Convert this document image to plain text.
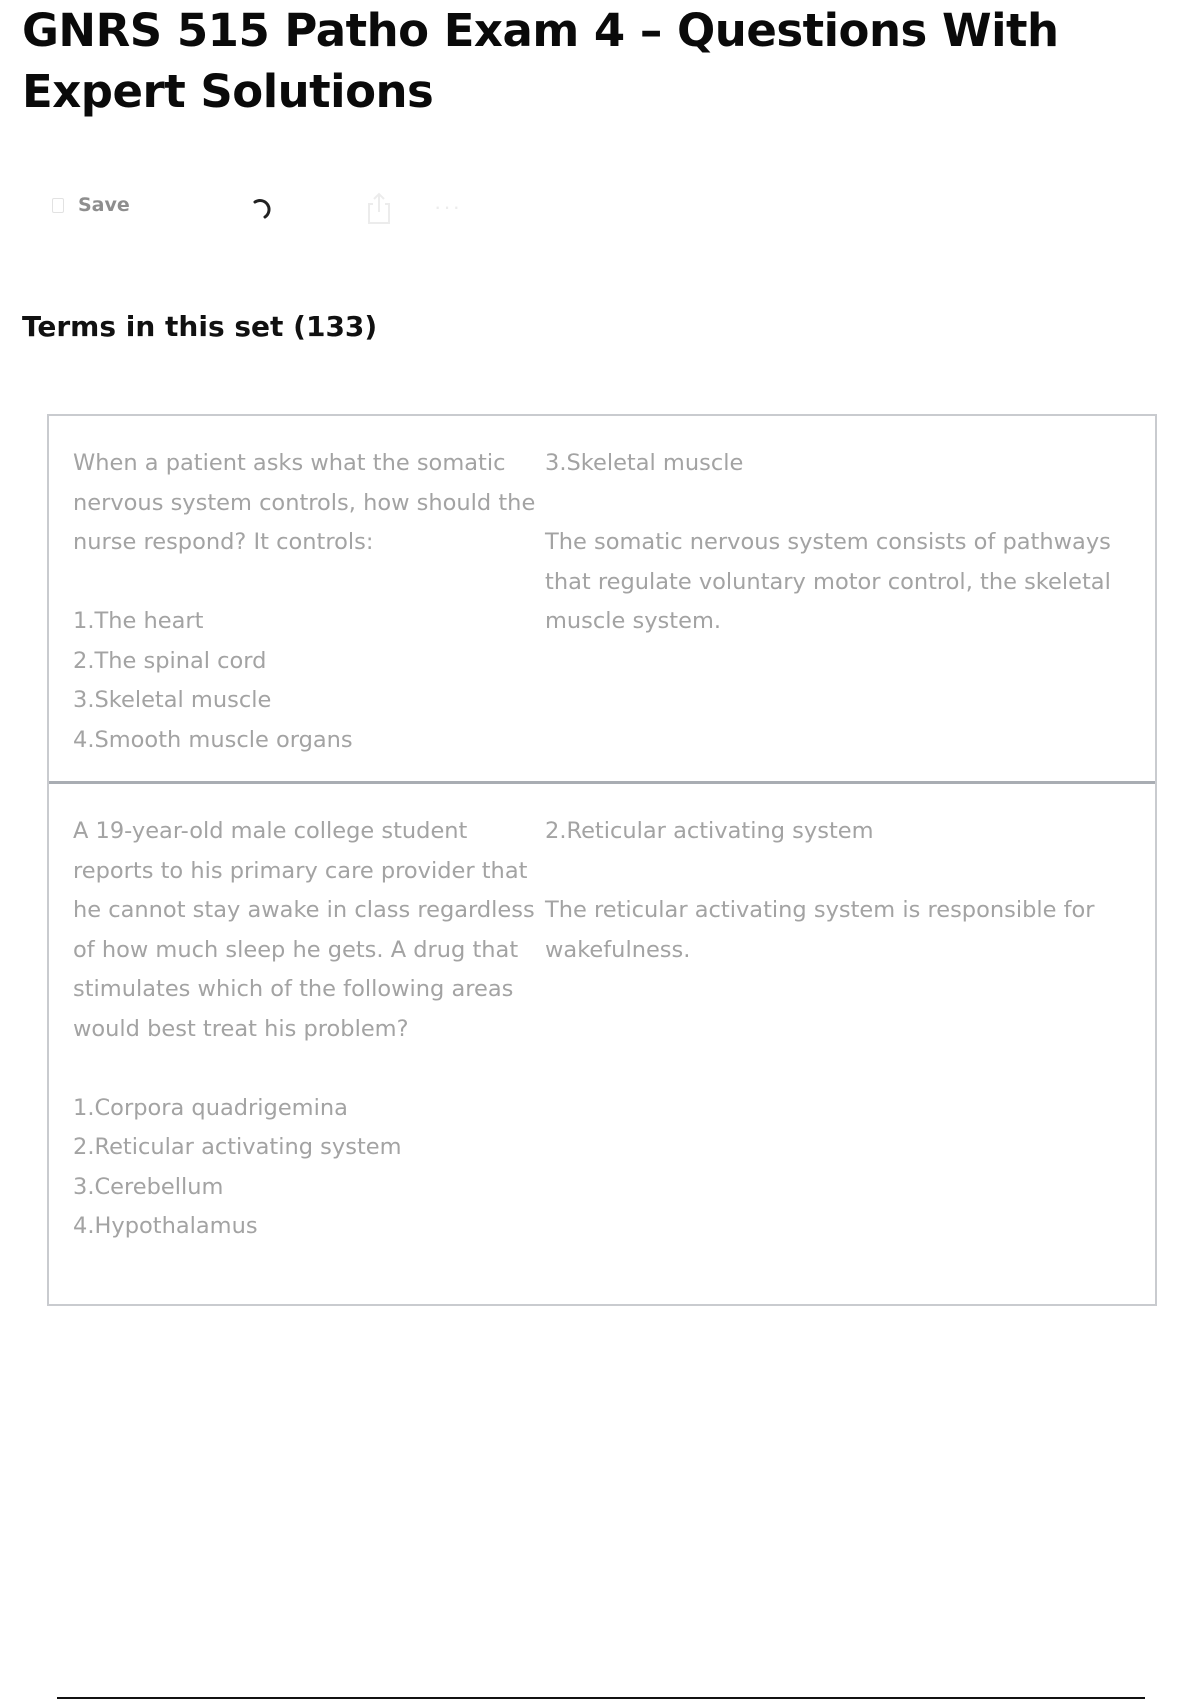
GNRS 515 Patho Exam 4 – Questions With Expert Solutions
Save	···
Terms in this set (133)
When a patient asks what the somatic nervous system controls, how should the nurse respond? It controls:

1.The heart
2.The spinal cord
3.Skeletal muscle
4.Smooth muscle organs
3.Skeletal muscle

The somatic nervous system consists of pathways that regulate voluntary motor control, the skeletal muscle system.
A 19-year-old male college student reports to his primary care provider that he cannot stay awake in class regardless of how much sleep he gets. A drug that stimulates which of the following areas would best treat his problem?

1.Corpora quadrigemina
2.Reticular activating system
3.Cerebellum
4.Hypothalamus
2.Reticular activating system

The reticular activating system is responsible for wakefulness.
